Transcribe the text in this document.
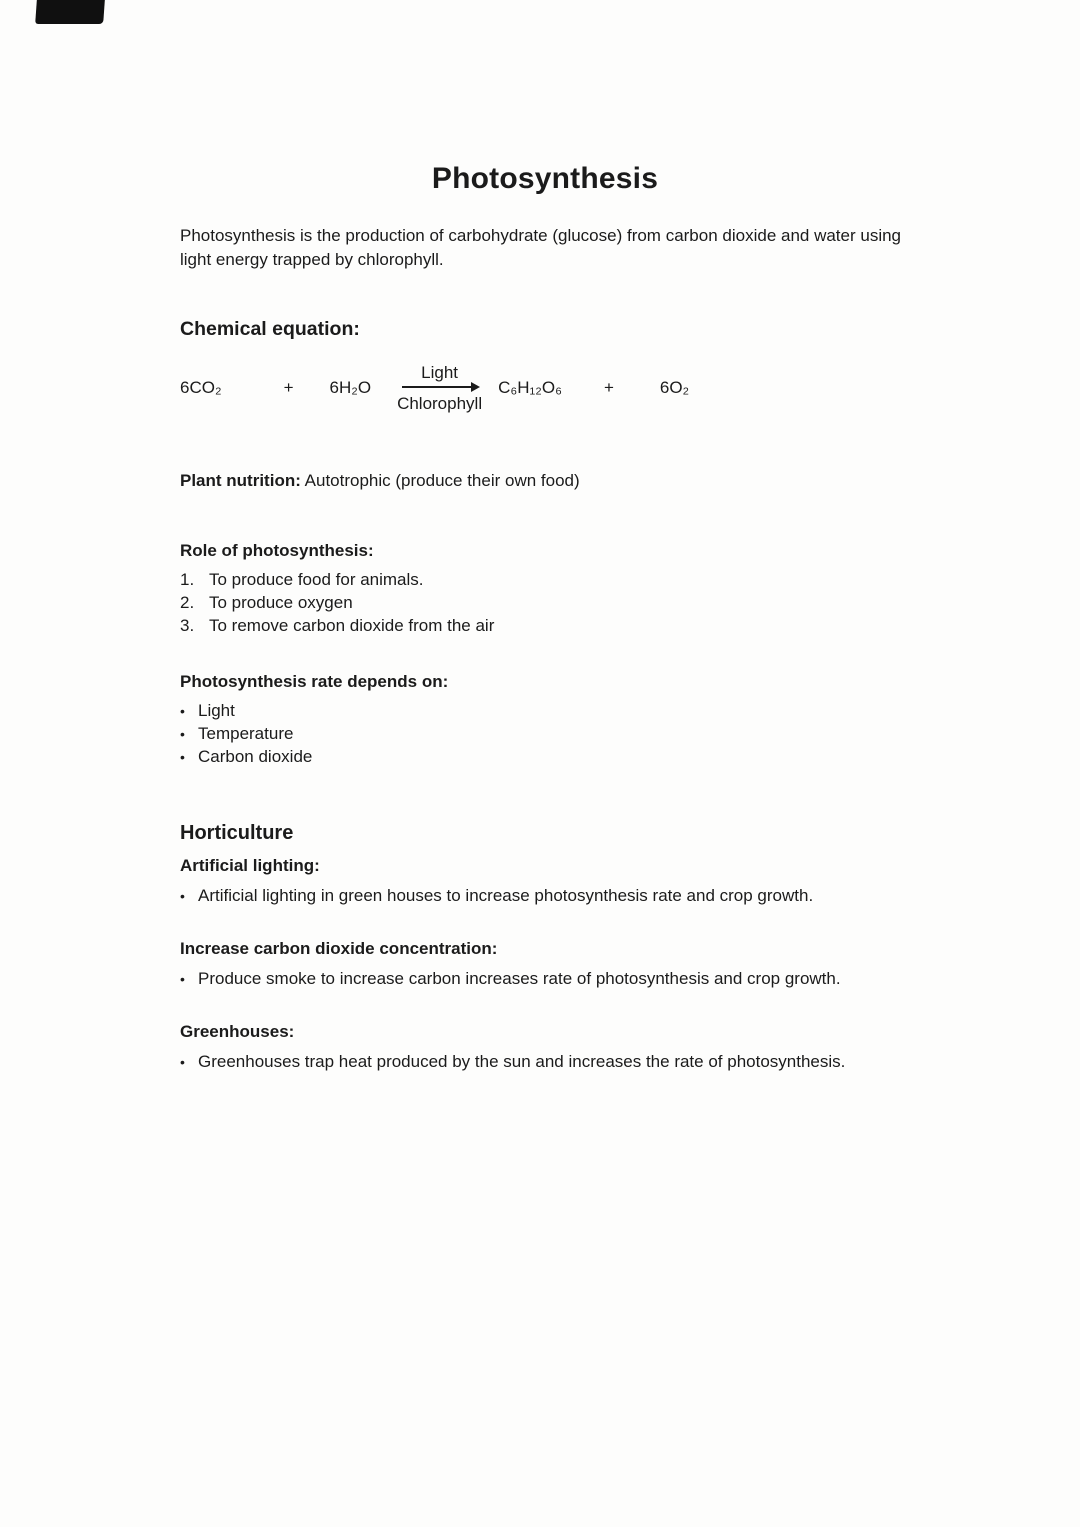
Photosynthesis

Photosynthesis is the production of carbohydrate (glucose) from carbon dioxide and water using light energy trapped by chlorophyll.

Chemical equation:
6CO₂	+ 6H₂O
Light
Chlorophyll
C₆H₁₂O₆ +	6O₂

Plant nutrition: Autotrophic (produce their own food)

Role of photosynthesis:
1. To produce food for animals.
2. To produce oxygen
3. To remove carbon dioxide from the air
Photosynthesis rate depends on:
• Light
• Temperature
• Carbon dioxide
Horticulture
Artificial lighting:
• Artificial lighting in green houses to increase photosynthesis rate and crop growth.
Increase carbon dioxide concentration:
• Produce smoke to increase carbon increases rate of photosynthesis and crop growth.
Greenhouses:
• Greenhouses trap heat produced by the sun and increases the rate of photosynthesis.
